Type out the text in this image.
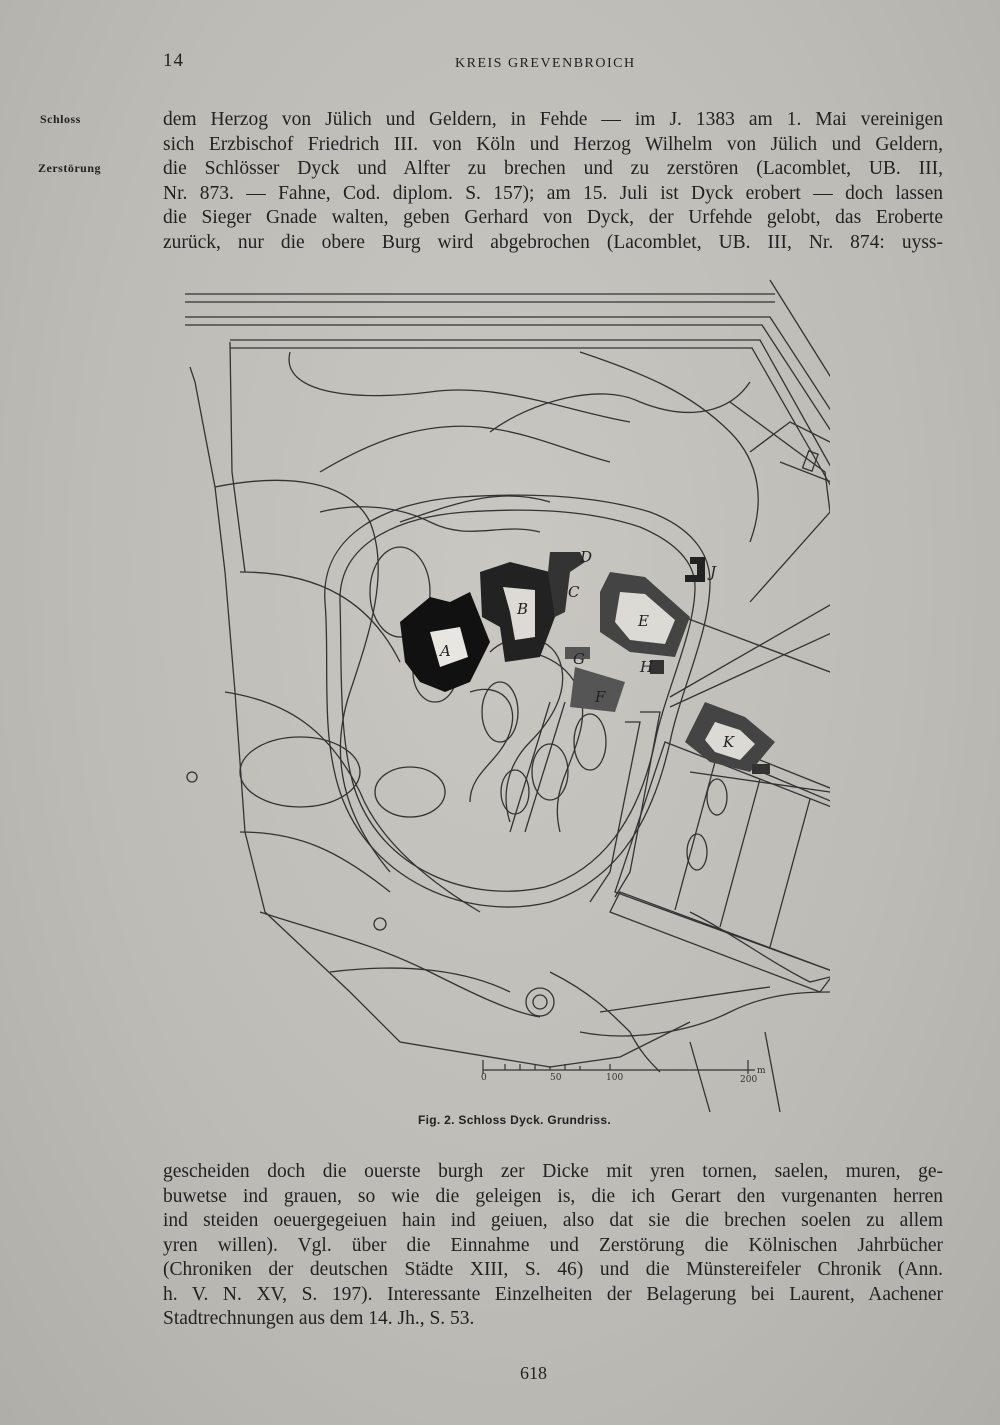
14	KREIS GREVENBROICH
Schloss
Zerstörung
dem Herzog von Jülich und Geldern, in Fehde — im J. 1383 am 1. Mai vereinigen
sich Erzbischof Friedrich III. von Köln und Herzog Wilhelm von Jülich und Geldern,
die Schlösser Dyck und Alfter zu brechen und zu zerstören (Lacomblet, UB. III,
Nr. 873. — Fahne, Cod. diplom. S. 157); am 15. Juli ist Dyck erobert — doch lassen
die Sieger Gnade walten, geben Gerhard von Dyck, der Urfehde gelobt, das Eroberte
zurück, nur die obere Burg wird abgebrochen (Lacomblet, UB. III, Nr. 874: uyss-
A
B
C
D
E
F
G	H
J
K
0	50	100	200
m
Fig. 2. Schloss Dyck. Grundriss.
gescheiden doch die ouerste burgh zer Dicke mit yren tornen, saelen, muren, ge-
buwetse ind grauen, so wie die geleigen is, die ich Gerart den vurgenanten herren
ind steiden oeuergegeiuen hain ind geiuen, also dat sie die brechen soelen zu allem
yren willen). Vgl. über die Einnahme und Zerstörung die Kölnischen Jahrbücher
(Chroniken der deutschen Städte XIII, S. 46) und die Münstereifeler Chronik (Ann.
h. V. N. XV, S. 197). Interessante Einzelheiten der Belagerung bei Laurent, Aachener
Stadtrechnungen aus dem 14. Jh., S. 53.
618
